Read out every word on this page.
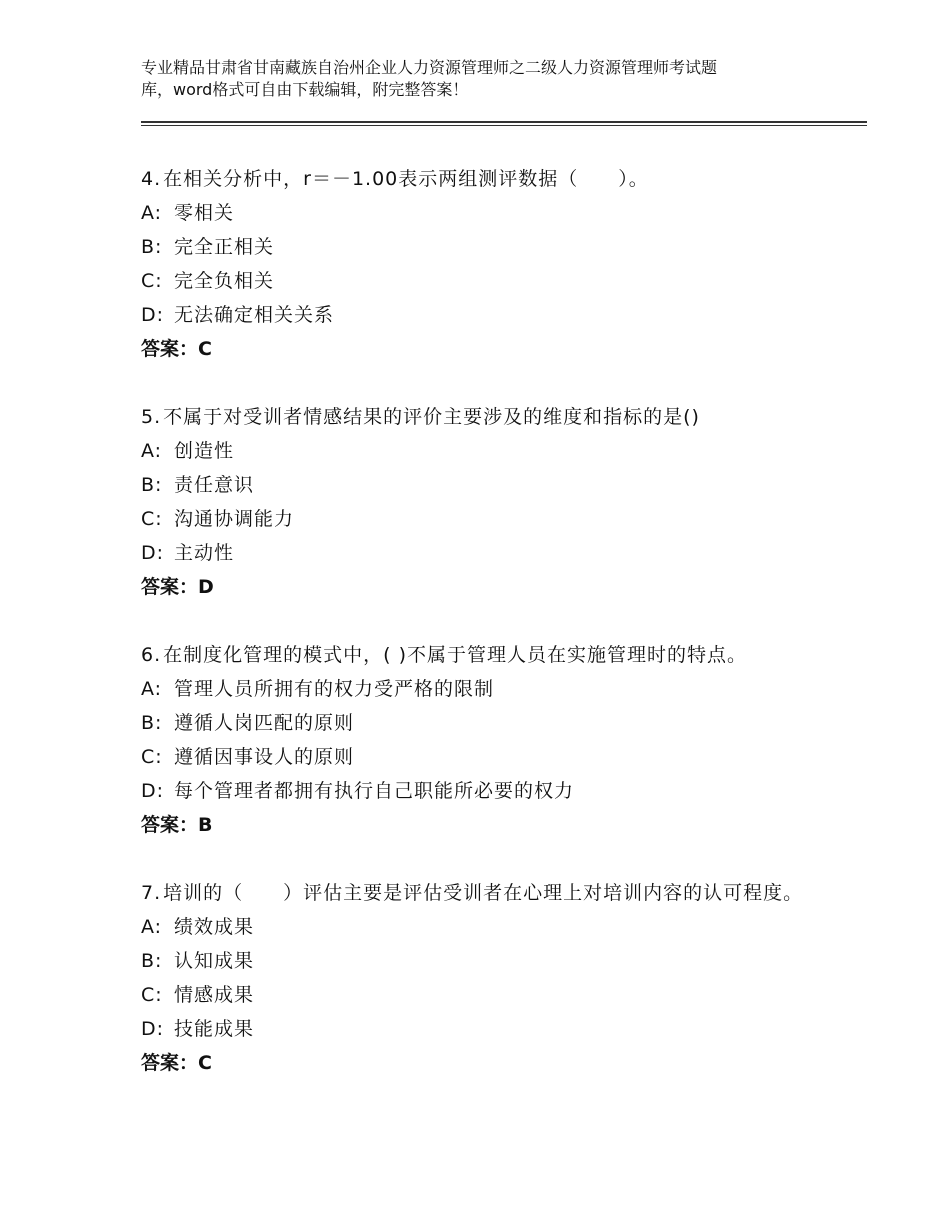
专业精品甘肃省甘南藏族自治州企业人力资源管理师之二级人力资源管理师考试题
库，word格式可自由下载编辑，附完整答案！
4. 在相关分析中，r＝－1.00表示两组测评数据（　　）。
A: 零相关
B: 完全正相关
C: 完全负相关
D: 无法确定相关关系
答案：C
5. 不属于对受训者情感结果的评价主要涉及的维度和指标的是()
A: 创造性
B: 责任意识
C: 沟通协调能力
D: 主动性
答案：D
6. 在制度化管理的模式中，( )不属于管理人员在实施管理时的特点。
A: 管理人员所拥有的权力受严格的限制
B: 遵循人岗匹配的原则
C: 遵循因事设人的原则
D: 每个管理者都拥有执行自己职能所必要的权力
答案：B
7. 培训的（　　）评估主要是评估受训者在心理上对培训内容的认可程度。
A: 绩效成果
B: 认知成果
C: 情感成果
D: 技能成果
答案：C
